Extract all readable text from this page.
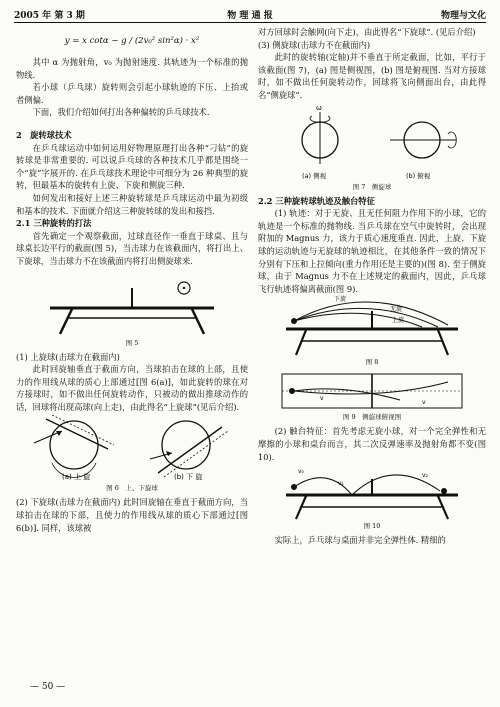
2005 年 第 3 期	物 理 通 报	物理与文化
y = x cotα − g / (2v₀² sin²α) · x²

其中 α 为抛射角，v₀ 为抛射速度. 其轨迹为一个标准的抛物线.

若小球（乒乓球）旋转则会引起小球轨迹的下压、上抬或者侧偏.

下面，我们介绍如何打出各种偏转的乒乓球技术.

2　旋转球技术

在乒乓球运动中如何运用好物理原理打出各种“刁钻”的旋转球是非常重要的. 可以说乒乓球的各种技术几乎都是围绕一个“旋”字展开的. 在乒乓球技术理论中可细分为 26 种典型的旋转，但最基本的旋转有上旋、下旋和侧旋三种.

如何发出和接好上述三种旋转球是乒乓球运动中最为初级和基本的技术. 下面就介绍这三种旋转球的发出和接挡.

2.1 三种旋转的打法

首先确定一个观察截面，过球直径作一垂直于球桌、且与球桌长边平行的截面(图 5)，当击球力在该截面内，将打出上、下旋球，当击球力不在该截面内将打出侧旋球来.

图 5

(1) 上旋球(击球力在截面内)

此时回旋轴垂直于截面方向，当球拍击在球的上部，且使力的作用线从球的质心上部通过[图 6(a)]，如此旋转的球在对方接球时，如不做出任何旋转动作，只被动的做出推球动作的话，回球将出现高球(向上走)，由此得名“上旋球”(见后介绍).

(a) 上 旋	(b) 下 旋

图 6　上、下旋球

(2) 下旋球(击球力在截面内) 此时回旋轴在垂直于截面方向，当球拍击在球的下部，且使力的作用线从球的质心下部通过[图 6(b)]. 同样，该球被

对方回球时会触网(向下走)，由此得名“下旋球”. (见后介绍)

(3) 侧旋球(击球力不在截面内)

此时的旋转轴(定轴)并不垂直于所定截面，比如，平行于该截面(图 7)，(a) 图是侧视图，(b) 图是俯视图. 当对方接球时，如不做出任何旋转动作，回球将飞向侧面出台，由此得名“侧旋球”.

ω
(a) 侧视	(b) 俯视

图 7　侧旋球

2.2 三种旋转球轨迹及触台特征

(1) 轨迹：对于无旋、且无任何阻力作用下的小球，它的轨迹是一个标准的抛物线. 当乒乓球在空气中旋转时，会出现附加的 Magnus 力，该力于质心速度垂直. 因此，上旋、下旋球的运动轨迹与无旋球的轨迹相比，在其他条件一致的情况下分别有下压和上拉倾向(重力作用还是主要的)(图 8). 至于侧旋球，由于 Magnus 力不在上述规定的截面内，因此，乒乓球飞行轨迹将偏离截面(图 9).

下旋
无旋
上旋

图 8

v
v

图 9　侧旋球俯视图

(2) 触台特征：首先考虑无旋小球，对一个完全弹性和无摩擦的小球和桌台而言，其二次反弹速率及抛射角都不变(图 10).

v₀
v₁
v₂

图 10

实际上，乒乓球与桌面并非完全弹性体. 精细的

— 50 —
